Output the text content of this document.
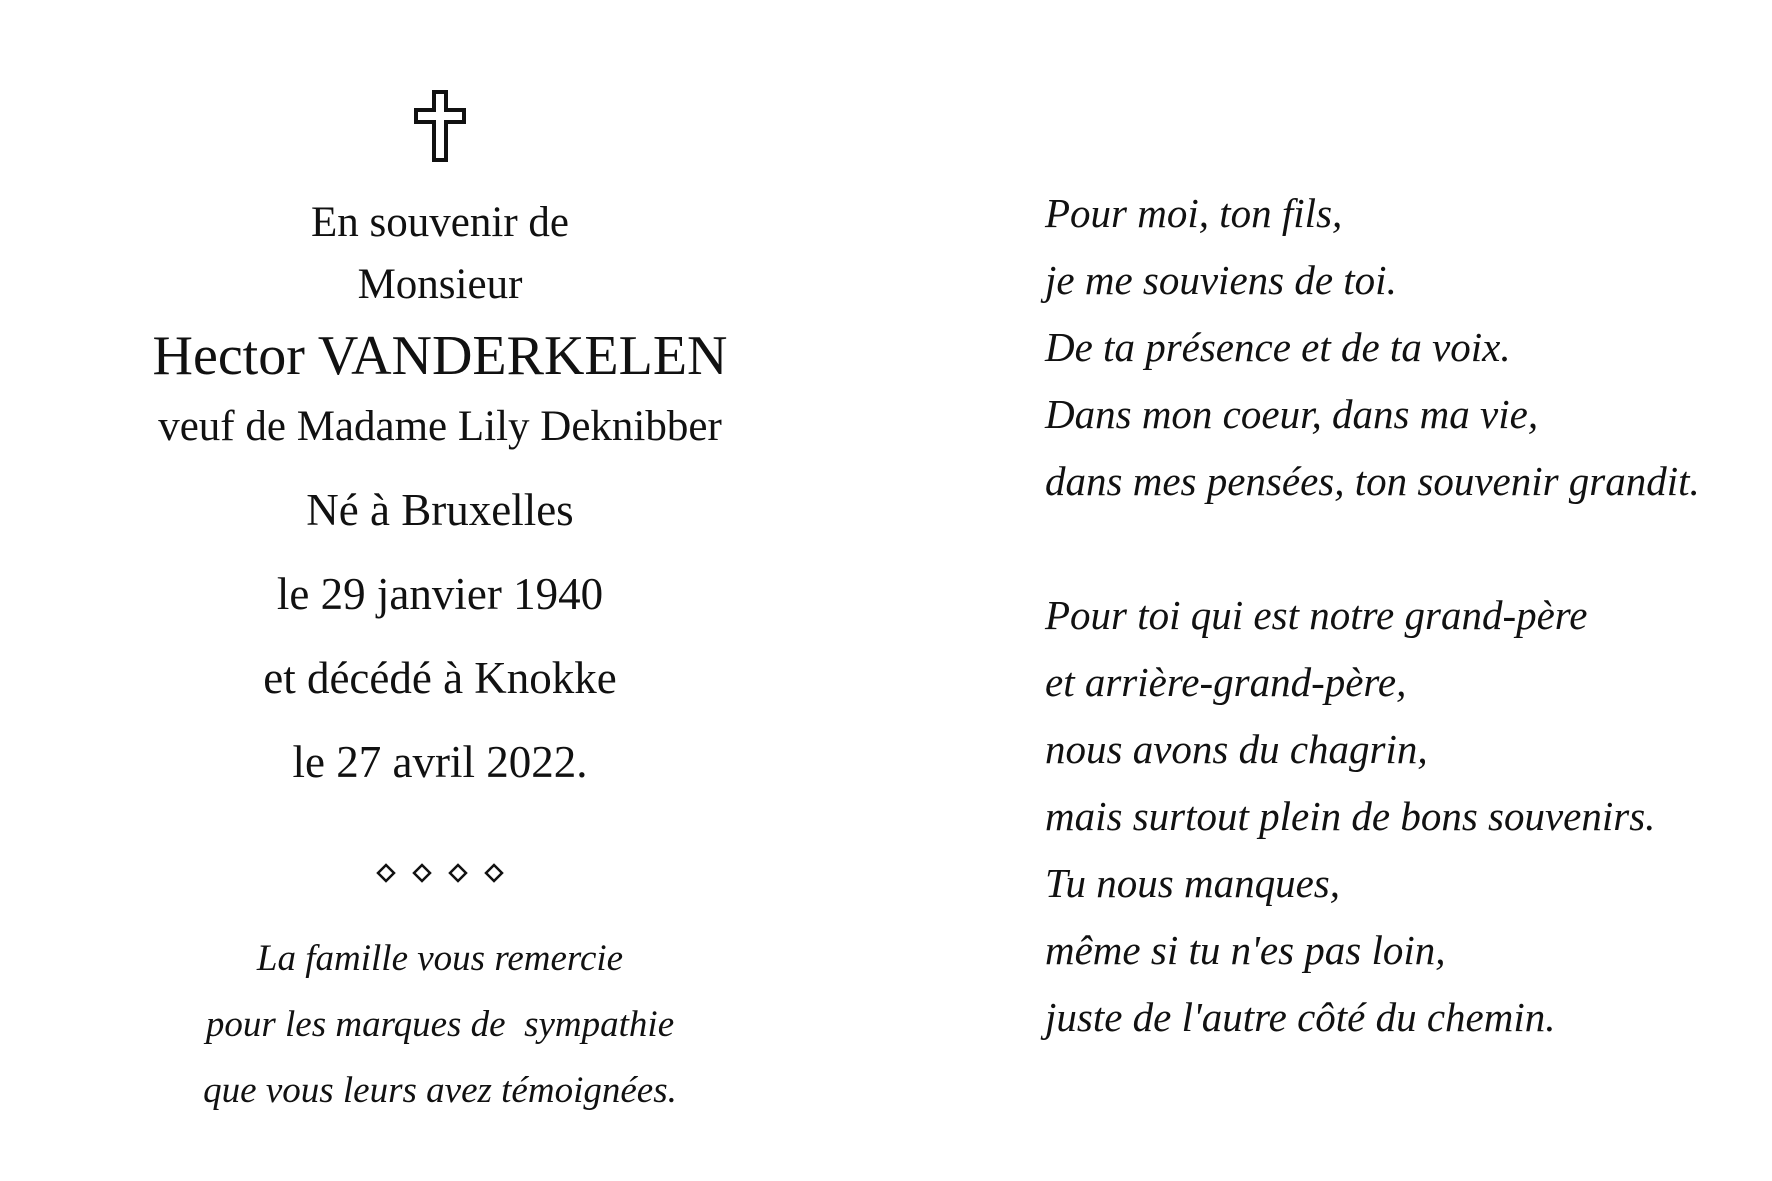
En souvenir de
Monsieur
Hector VANDERKELEN
veuf de Madame Lily Deknibber
Né à Bruxelles
le 29 janvier 1940
et décédé à Knokke
le 27 avril 2022.
La famille vous remercie
pour les marques de  sympathie
que vous leurs avez témoignées.
Pour moi, ton fils,
je me souviens de toi.
De ta présence et de ta voix.
Dans mon coeur, dans ma vie,
dans mes pensées, ton souvenir grandit.
Pour toi qui est notre grand-père
et arrière-grand-père,
nous avons du chagrin,
mais surtout plein de bons souvenirs.
Tu nous manques,
même si tu n'es pas loin,
juste de l'autre côté du chemin.
